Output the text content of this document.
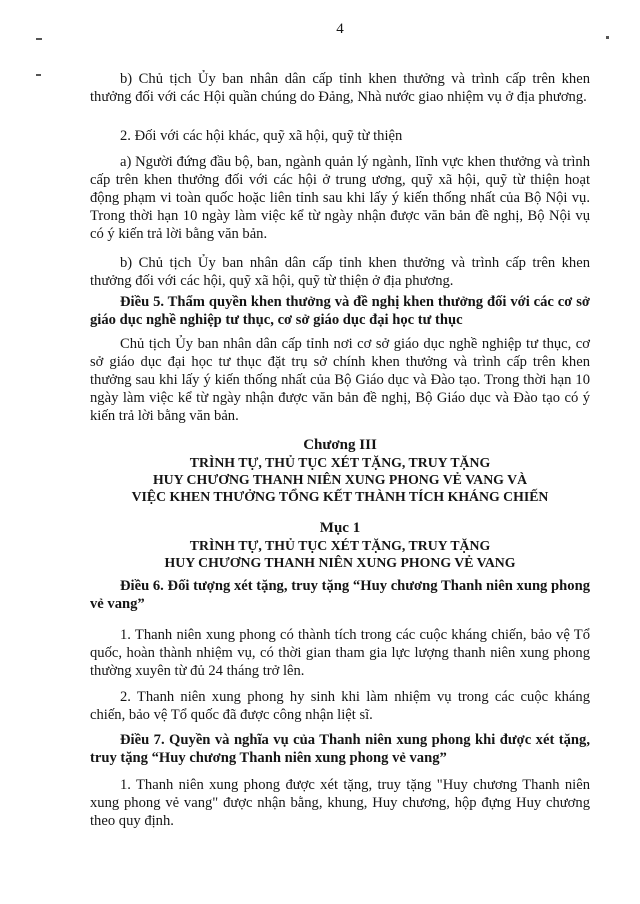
4

b) Chủ tịch Ủy ban nhân dân cấp tỉnh khen thưởng và trình cấp trên khen thưởng đối với các Hội quần chúng do Đảng, Nhà nước giao nhiệm vụ ở địa phương.

2. Đối với các hội khác, quỹ xã hội, quỹ từ thiện

a) Người đứng đầu bộ, ban, ngành quản lý ngành, lĩnh vực khen thưởng và trình cấp trên khen thưởng đối với các hội ở trung ương, quỹ xã hội, quỹ từ thiện hoạt động phạm vi toàn quốc hoặc liên tỉnh sau khi lấy ý kiến thống nhất của Bộ Nội vụ. Trong thời hạn 10 ngày làm việc kể từ ngày nhận được văn bản đề nghị, Bộ Nội vụ có ý kiến trả lời bằng văn bản.

b) Chủ tịch Ủy ban nhân dân cấp tỉnh khen thưởng và trình cấp trên khen thưởng đối với các hội, quỹ xã hội, quỹ từ thiện ở địa phương.

Điều 5. Thẩm quyền khen thưởng và đề nghị khen thưởng đối với các cơ sở giáo dục nghề nghiệp tư thục, cơ sở giáo dục đại học tư thục

Chủ tịch Ủy ban nhân dân cấp tỉnh nơi cơ sở giáo dục nghề nghiệp tư thục, cơ sở giáo dục đại học tư thục đặt trụ sở chính khen thưởng và trình cấp trên khen thưởng sau khi lấy ý kiến thống nhất của Bộ Giáo dục và Đào tạo. Trong thời hạn 10 ngày làm việc kể từ ngày nhận được văn bản đề nghị, Bộ Giáo dục và Đào tạo có ý kiến trả lời bằng văn bản.

Chương III
TRÌNH TỰ, THỦ TỤC XÉT TẶNG, TRUY TẶNG
HUY CHƯƠNG THANH NIÊN XUNG PHONG VẺ VANG VÀ
VIỆC KHEN THƯỞNG TỔNG KẾT THÀNH TÍCH KHÁNG CHIẾN
Mục 1
TRÌNH TỰ, THỦ TỤC XÉT TẶNG, TRUY TẶNG
HUY CHƯƠNG THANH NIÊN XUNG PHONG VẺ VANG

Điều 6. Đối tượng xét tặng, truy tặng “Huy chương Thanh niên xung phong vẻ vang”

1. Thanh niên xung phong có thành tích trong các cuộc kháng chiến, bảo vệ Tổ quốc, hoàn thành nhiệm vụ, có thời gian tham gia lực lượng thanh niên xung phong thường xuyên từ đủ 24 tháng trở lên.

2. Thanh niên xung phong hy sinh khi làm nhiệm vụ trong các cuộc kháng chiến, bảo vệ Tổ quốc đã được công nhận liệt sĩ.

Điều 7. Quyền và nghĩa vụ của Thanh niên xung phong khi được xét tặng, truy tặng “Huy chương Thanh niên xung phong vẻ vang”

1. Thanh niên xung phong được xét tặng, truy tặng "Huy chương Thanh niên xung phong vẻ vang" được nhận bằng, khung, Huy chương, hộp đựng Huy chương theo quy định.
